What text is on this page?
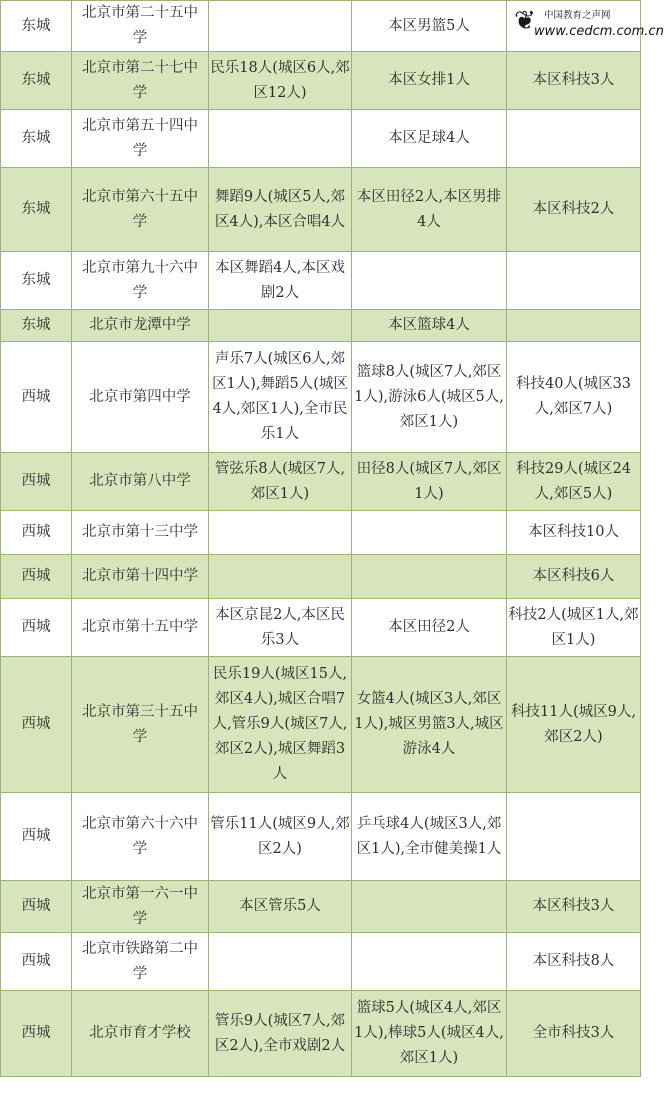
东城	北京市第二十五中学		本区男篮5人	
东城	北京市第二十七中学	民乐18人(城区6人,郊区12人)	本区女排1人	本区科技3人
东城	北京市第五十四中学		本区足球4人	
东城	北京市第六十五中学	舞蹈9人(城区5人,郊区4人),本区合唱4人	本区田径2人,本区男排4人	本区科技2人
东城	北京市第九十六中学	本区舞蹈4人,本区戏剧2人		
东城	北京市龙潭中学		本区篮球4人	
西城	北京市第四中学	声乐7人(城区6人,郊区1人),舞蹈5人(城区4人,郊区1人),全市民乐1人	篮球8人(城区7人,郊区1人),游泳6人(城区5人,郊区1人)	科技40人(城区33人,郊区7人)
西城	北京市第八中学	管弦乐8人(城区7人,郊区1人)	田径8人(城区7人,郊区1人)	科技29人(城区24人,郊区5人)
西城	北京市第十三中学			本区科技10人
西城	北京市第十四中学			本区科技6人
西城	北京市第十五中学	本区京昆2人,本区民乐3人	本区田径2人	科技2人(城区1人,郊区1人)
西城	北京市第三十五中学	民乐19人(城区15人,郊区4人),城区合唱7人,管乐9人(城区7人,郊区2人),城区舞蹈3人	女篮4人(城区3人,郊区1人),城区男篮3人,城区游泳4人	科技11人(城区9人,郊区2人)
西城	北京市第六十六中学	管乐11人(城区9人,郊区2人)	乒乓球4人(城区3人,郊区1人),全市健美操1人	
西城	北京市第一六一中学	本区管乐5人		本区科技3人
西城	北京市铁路第二中学			本区科技8人
西城	北京市育才学校	管乐9人(城区7人,郊区2人),全市戏剧2人	篮球5人(城区4人,郊区1人),棒球5人(城区4人,郊区1人)	全市科技3人
❦ 中国教育之声网
www.cedcm.com.cn
